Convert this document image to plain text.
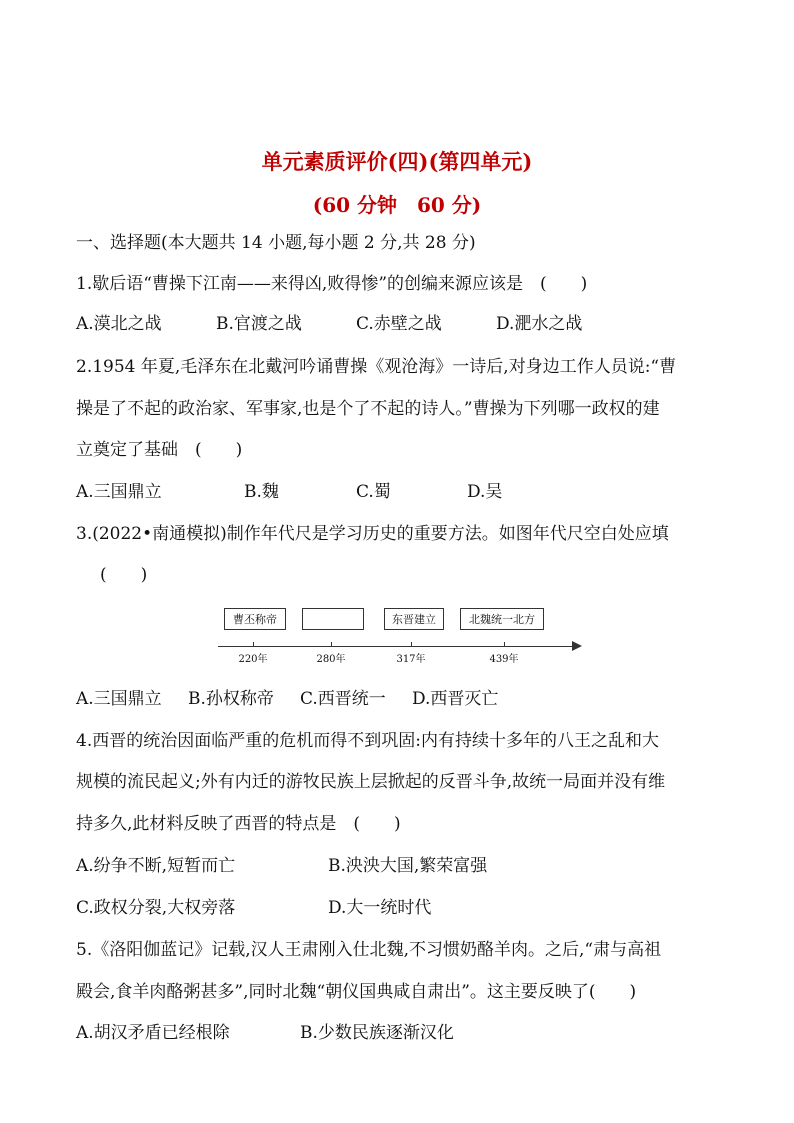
单元素质评价(四)(第四单元)
(60 分钟　60 分)
一、选择题(本大题共 14 小题,每小题 2 分,共 28 分)
1.歇后语“曹操下江南——来得凶,败得惨”的创编来源应该是　(　　)
A.漠北之战	B.官渡之战	C.赤壁之战	D.淝水之战
2.1954 年夏,毛泽东在北戴河吟诵曹操《观沧海》一诗后,对身边工作人员说:“曹
操是了不起的政治家、军事家,也是个了不起的诗人。”曹操为下列哪一政权的建
立奠定了基础　(　　)
A.三国鼎立	B.魏	C.蜀	D.吴
3.(2022•南通模拟)制作年代尺是学习历史的重要方法。如图年代尺空白处应填
(　　)
曹丕称帝	东晋建立	北魏统一北方
220年	280年	317年	439年
A.三国鼎立 B.孙权称帝 C.西晋统一 D.西晋灭亡
4.西晋的统治因面临严重的危机而得不到巩固:内有持续十多年的八王之乱和大
规模的流民起义;外有内迁的游牧民族上层掀起的反晋斗争,故统一局面并没有维
持多久,此材料反映了西晋的特点是　(　　)
A.纷争不断,短暂而亡	B.泱泱大国,繁荣富强
C.政权分裂,大权旁落	D.大一统时代
5.《洛阳伽蓝记》记载,汉人王肃刚入仕北魏,不习惯奶酪羊肉。之后,“肃与高祖
殿会,食羊肉酪粥甚多”,同时北魏“朝仪国典咸自肃出”。这主要反映了(　　)
A.胡汉矛盾已经根除	B.少数民族逐渐汉化
